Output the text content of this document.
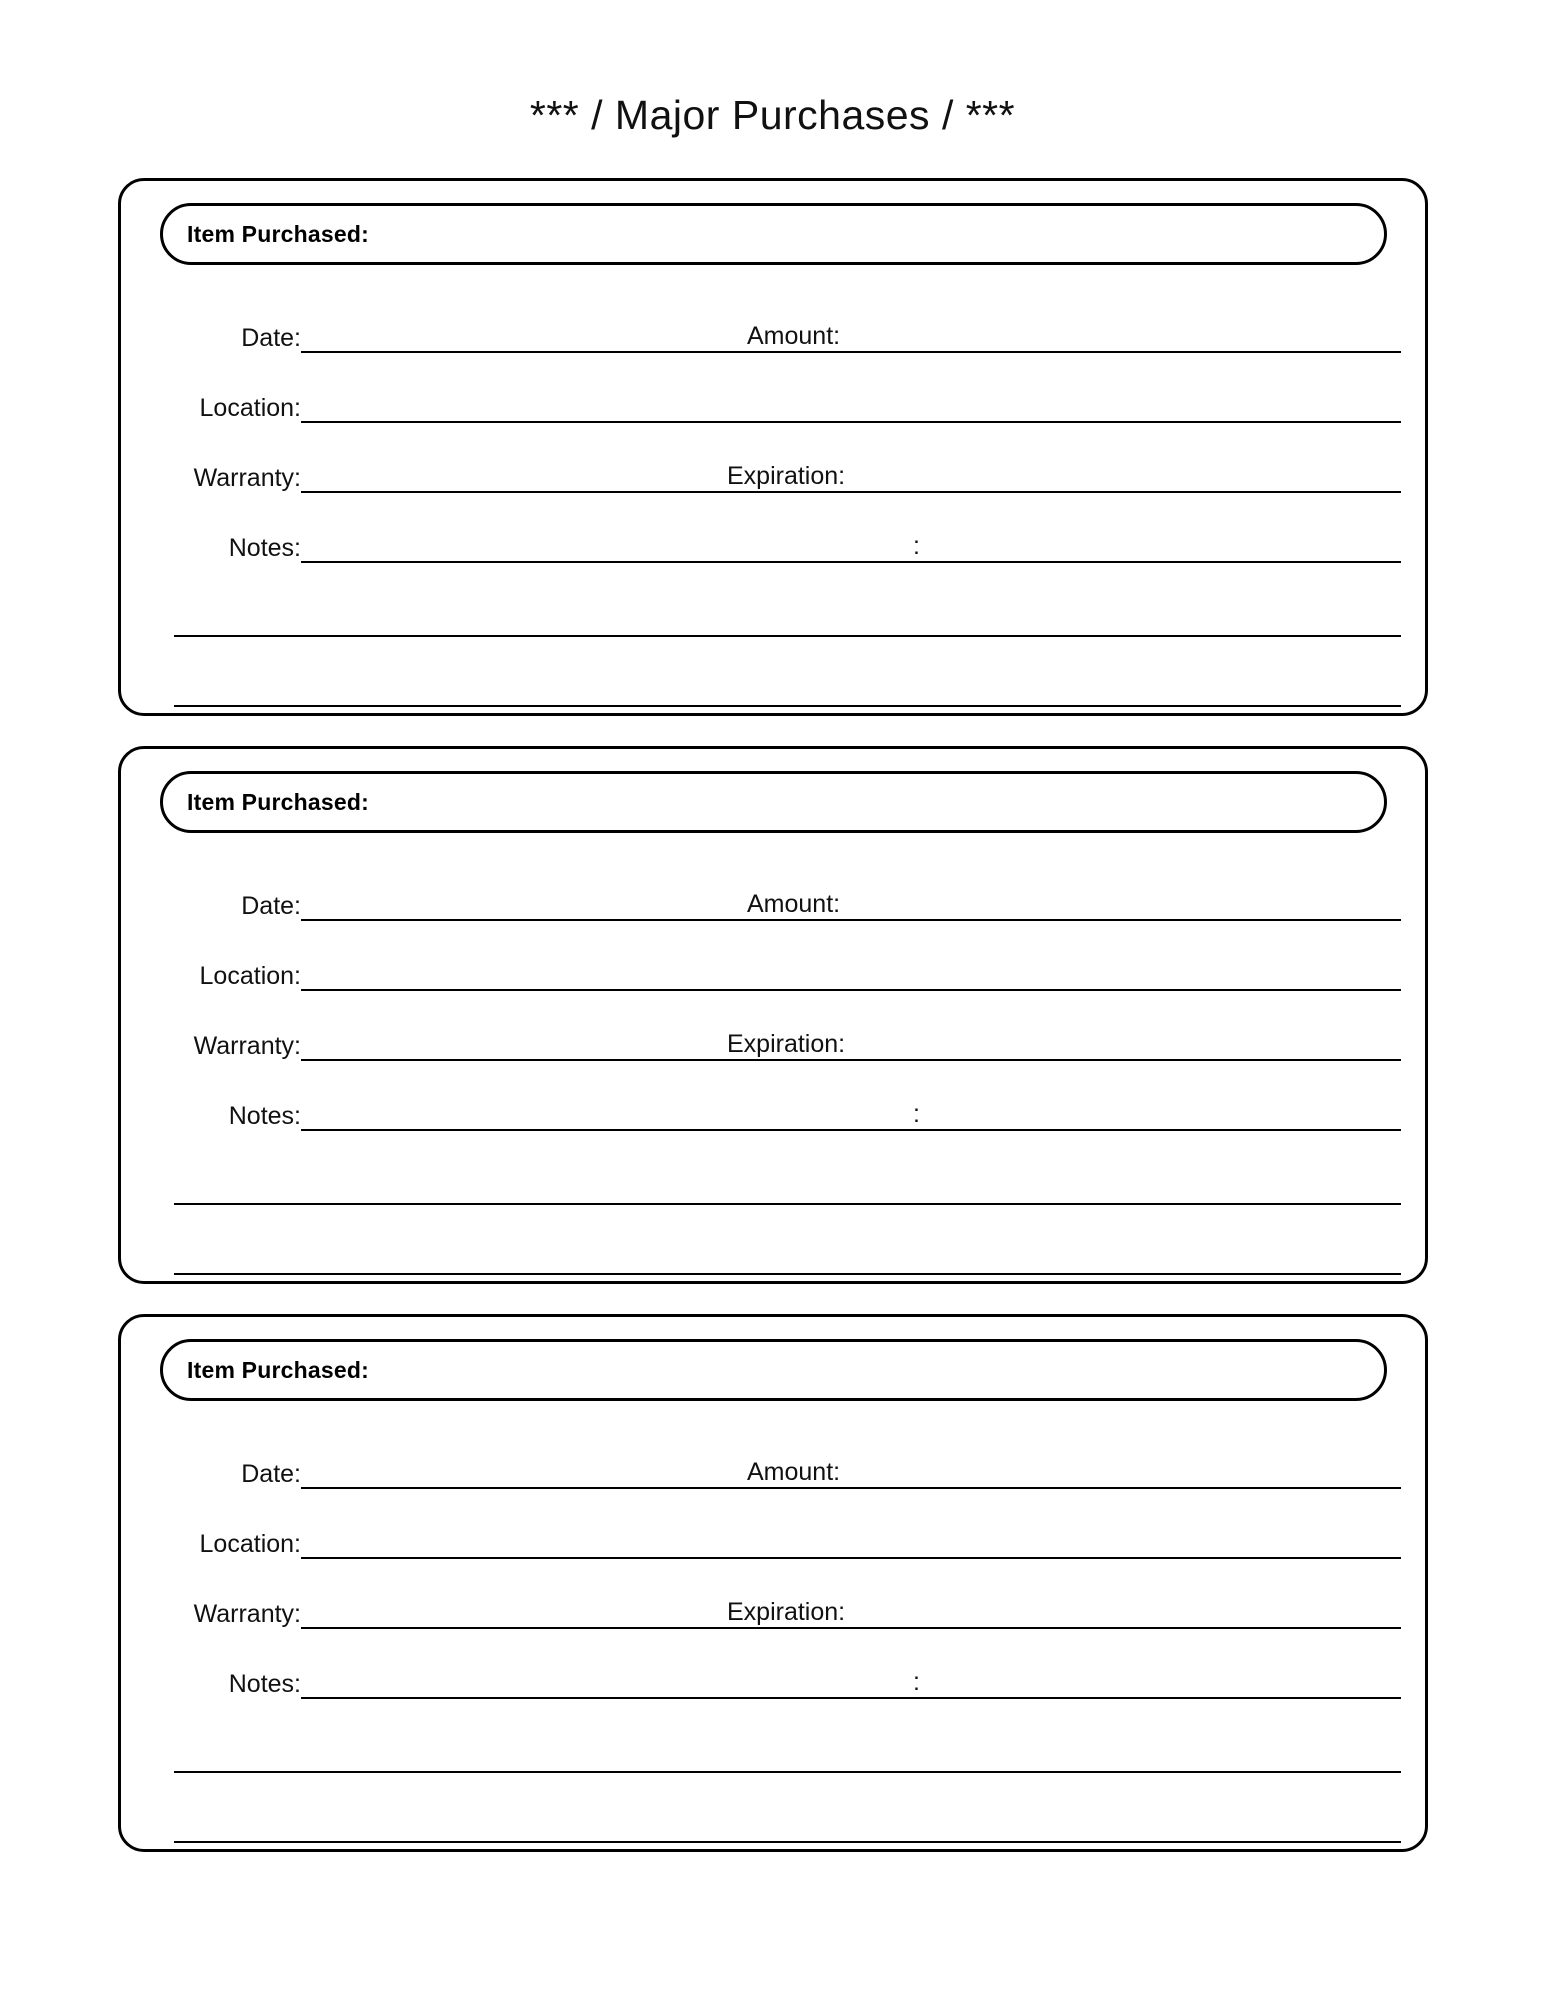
*** / Major Purchases / ***
Item Purchased:
Date:	Amount:
Location:
Warranty:	Expiration:
Notes:	:
Item Purchased:
Date:	Amount:
Location:
Warranty:	Expiration:
Notes:	:
Item Purchased:
Date:	Amount:
Location:
Warranty:	Expiration:
Notes:	:
